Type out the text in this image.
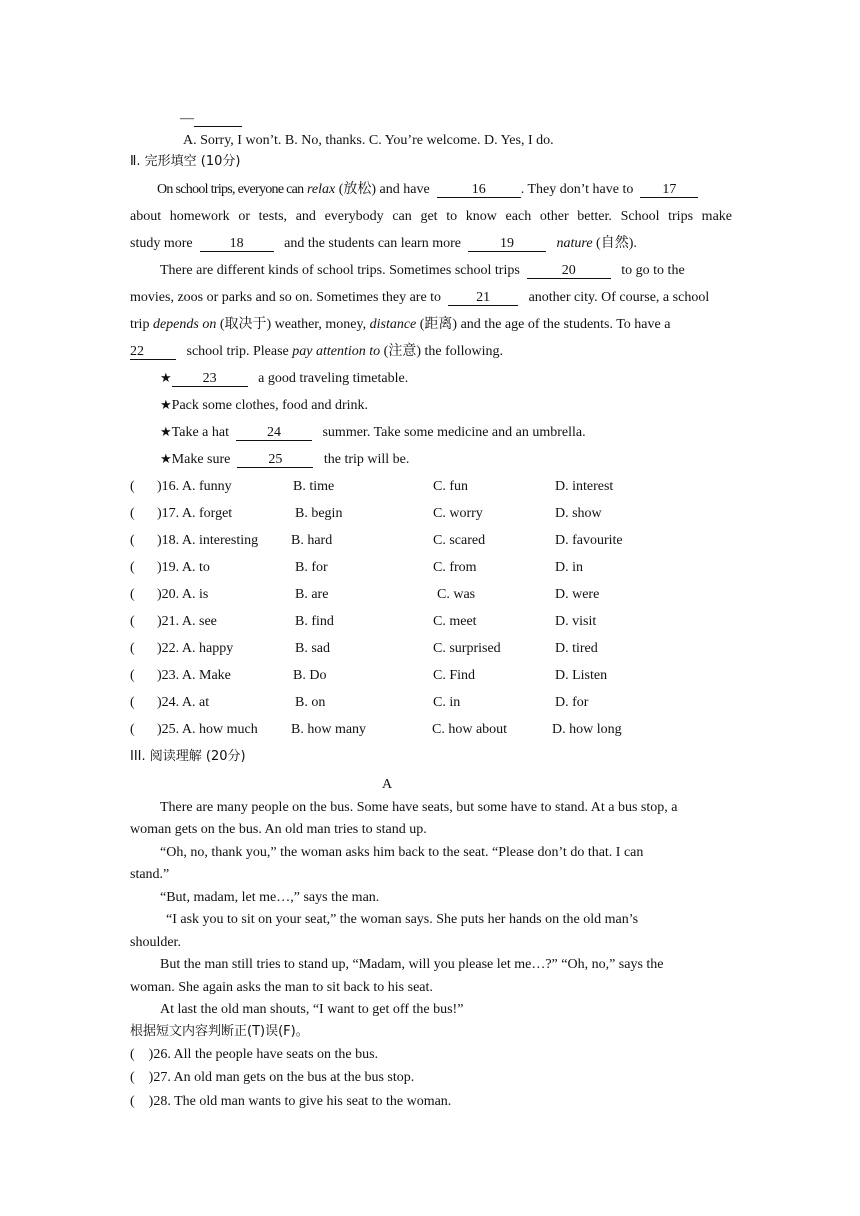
—
A. Sorry, I won’t. B. No, thanks. C. You’re welcome. D. Yes, I do.
Ⅱ. 完形填空 (10分)
On school trips, everyone can relax (放松) and have	16	. They don’t have to 17
about homework or tests, and everybody can get to know each other better. School trips make
study more	18	and the students can learn more	19	nature (自然).
There are different kinds of school trips. Sometimes school trips	20	to go to the
movies, zoos or parks and so on. Sometimes they are to	21	another city. Of course, a school
trip depends on (取决于) weather, money, distance (距离) and the age of the students. To have a
22	school trip. Please pay attention to (注意) the following.
★ 23	a good traveling timetable.
★Pack some clothes, food and drink.
★Take a hat	24	summer. Take some medicine and an umbrella.
★Make sure	25	the trip will be.
( )16. A. funny	B. time	C. fun	D. interest
( )17. A. forget	B. begin	C. worry	D. show
( )18. A. interesting B. hard	C. scared	D. favourite
( )19. A. to	B. for	C. from	D. in
( )20. A. is	B. are	C. was	D. were
( )21. A. see	B. find	C. meet	D. visit
( )22. A. happy	B. sad	C. surprised	D. tired
( )23. A. Make	B. Do	C. Find	D. Listen
( )24. A. at	B. on	C. in	D. for
( )25. A. how much B. how many	C. how about	D. how long
III. 阅读理解 (20分)
A
There are many people on the bus. Some have seats, but some have to stand. At a bus stop, a
woman gets on the bus. An old man tries to stand up.
“Oh, no, thank you,” the woman asks him back to the seat. “Please don’t do that. I can
stand.”
“But, madam, let me…,” says the man.
“I ask you to sit on your seat,” the woman says. She puts her hands on the old man’s
shoulder.
But the man still tries to stand up, “Madam, will you please let me…?” “Oh, no,” says the
woman. She again asks the man to sit back to his seat.
At last the old man shouts, “I want to get off the bus!”
根据短文内容判断正(T)误(F)。
( )26. All the people have seats on the bus.
( )27. An old man gets on the bus at the bus stop.
( )28. The old man wants to give his seat to the woman.
